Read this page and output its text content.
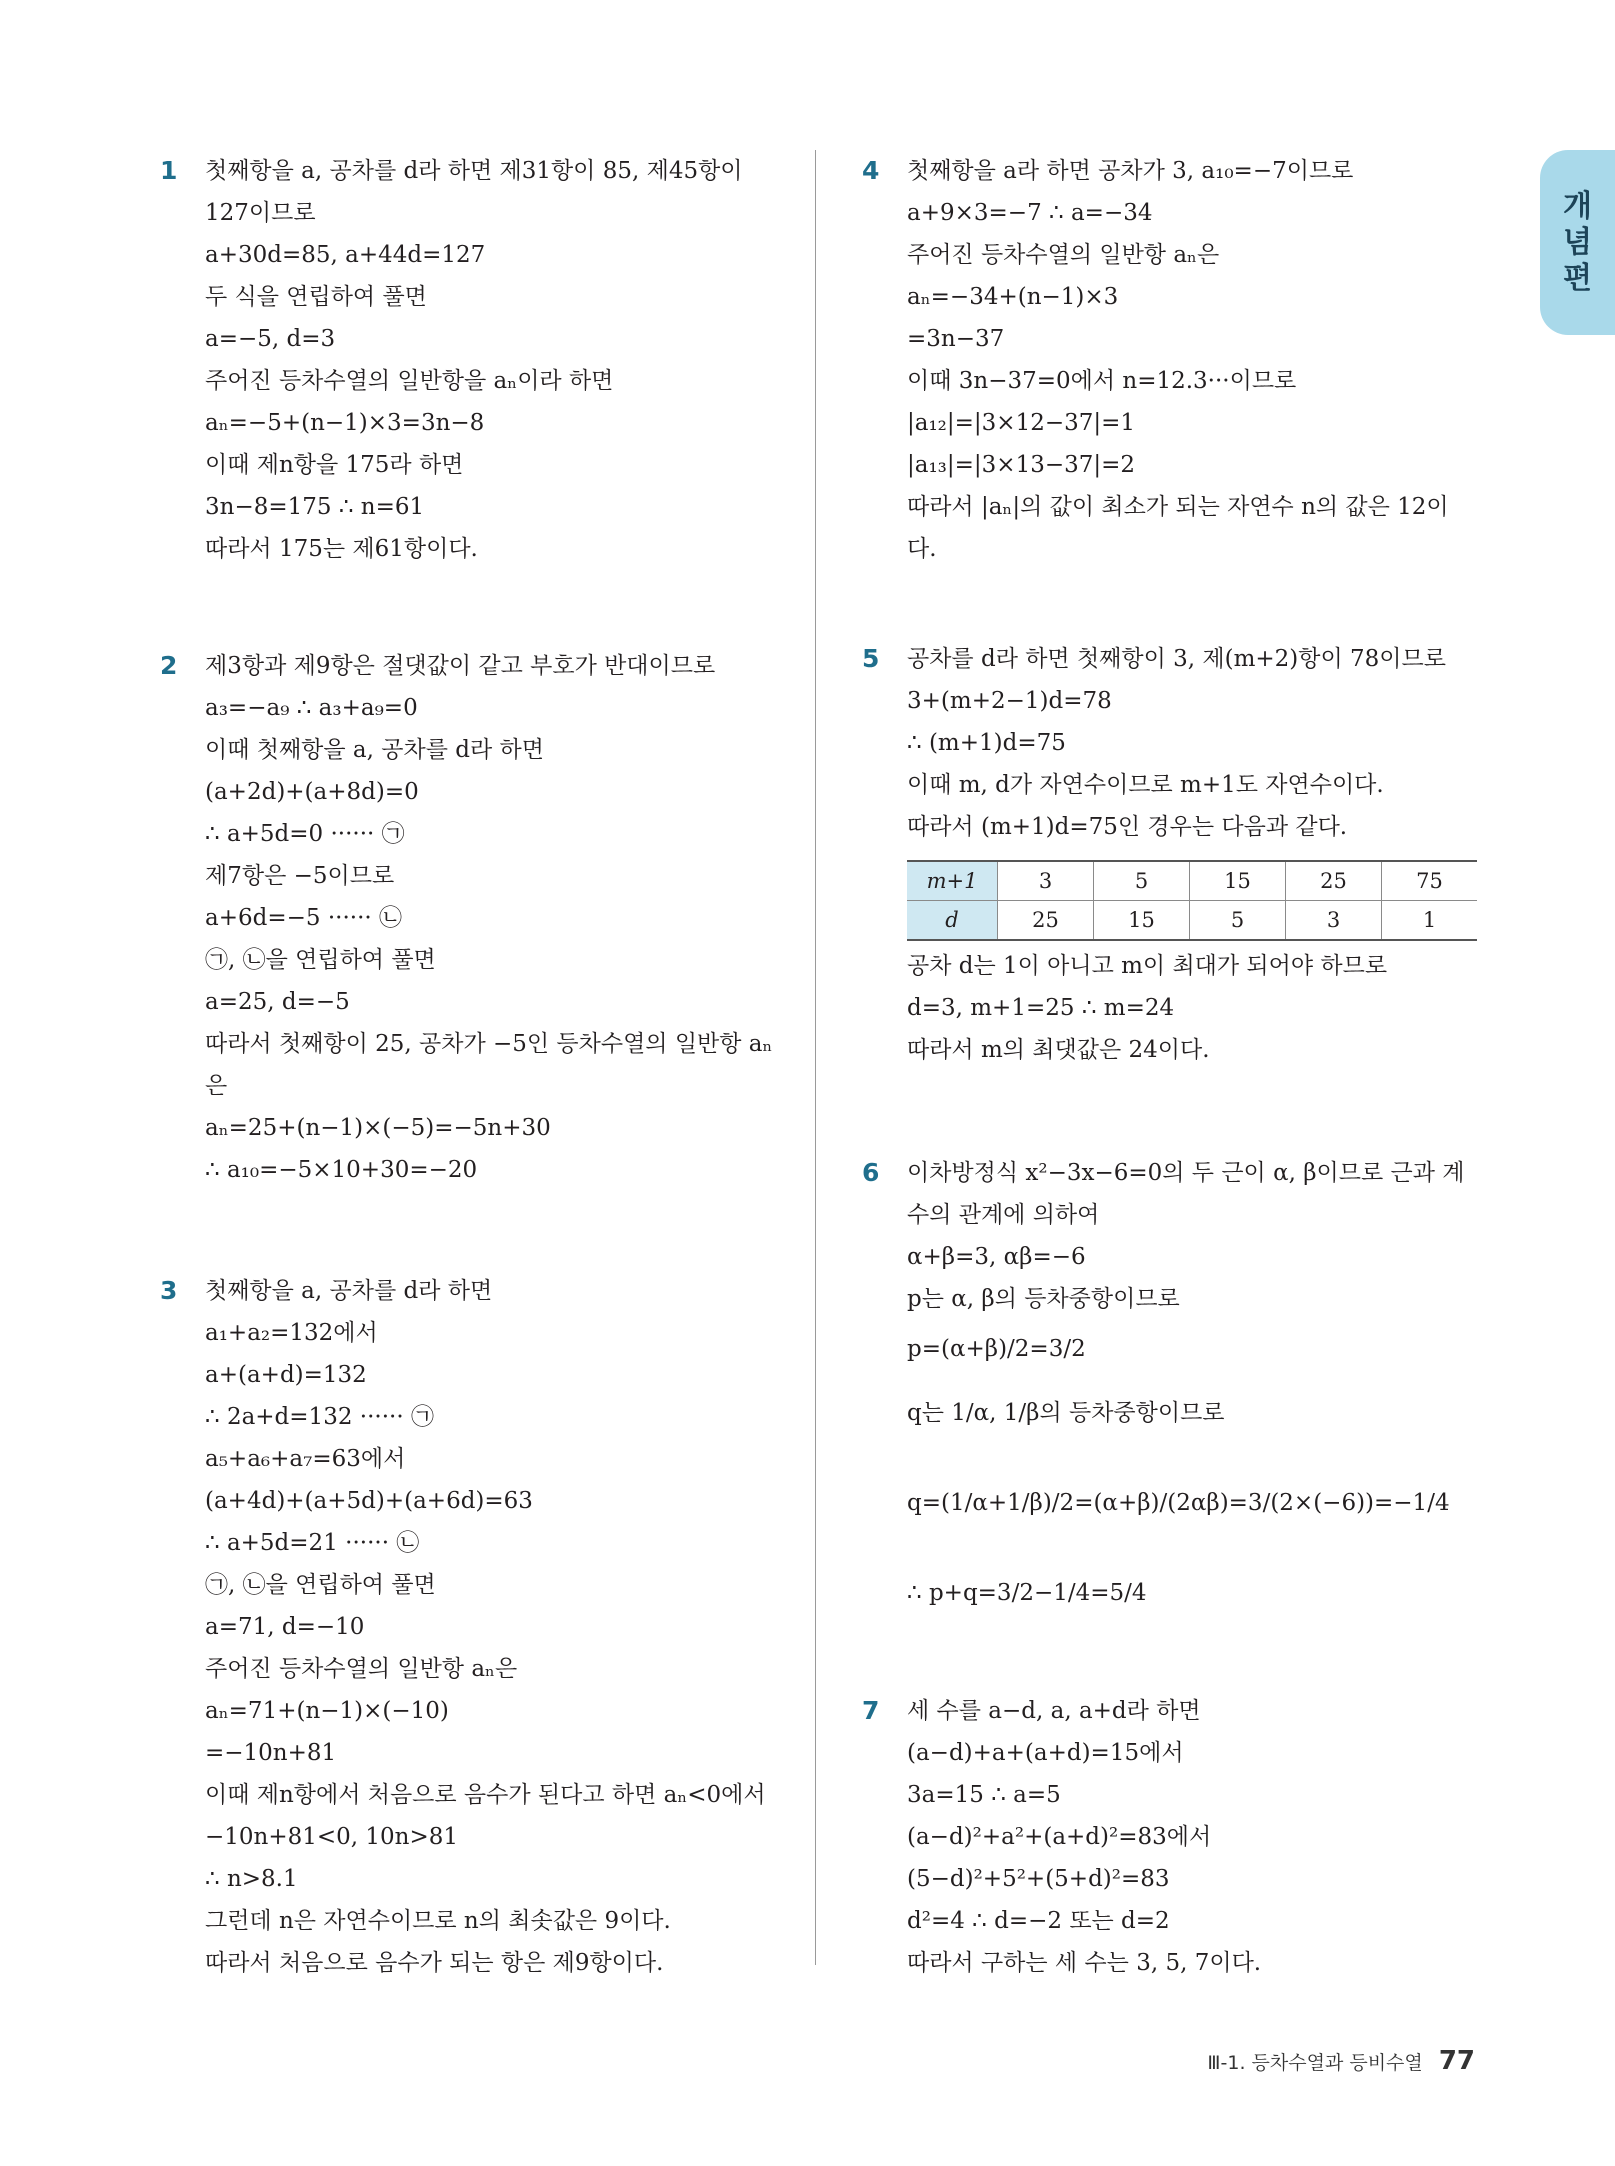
개
념
편
1 첫째항을 a, 공차를 d라 하면 제31항이 85, 제45항이
127이므로
a+30d=85, a+44d=127
두 식을 연립하여 풀면
a=−5, d=3
주어진 등차수열의 일반항을 aₙ이라 하면
aₙ=−5+(n−1)×3=3n−8
이때 제n항을 175라 하면
3n−8=175 ∴ n=61
따라서 175는 제61항이다.
2 제3항과 제9항은 절댓값이 같고 부호가 반대이므로
a₃=−a₉ ∴ a₃+a₉=0
이때 첫째항을 a, 공차를 d라 하면
(a+2d)+(a+8d)=0
∴ a+5d=0 ······ ㉠
제7항은 −5이므로
a+6d=−5 ······ ㉡
㉠, ㉡을 연립하여 풀면
a=25, d=−5
따라서 첫째항이 25, 공차가 −5인 등차수열의 일반항 aₙ
은
aₙ=25+(n−1)×(−5)=−5n+30
∴ a₁₀=−5×10+30=−20
3 첫째항을 a, 공차를 d라 하면
a₁+a₂=132에서
a+(a+d)=132
∴ 2a+d=132 ······ ㉠
a₅+a₆+a₇=63에서
(a+4d)+(a+5d)+(a+6d)=63
∴ a+5d=21 ······ ㉡
㉠, ㉡을 연립하여 풀면
a=71, d=−10
주어진 등차수열의 일반항 aₙ은
aₙ=71+(n−1)×(−10)
=−10n+81
이때 제n항에서 처음으로 음수가 된다고 하면 aₙ<0에서
−10n+81<0, 10n>81
∴ n>8.1
그런데 n은 자연수이므로 n의 최솟값은 9이다.
따라서 처음으로 음수가 되는 항은 제9항이다.
4 첫째항을 a라 하면 공차가 3, a₁₀=−7이므로
a+9×3=−7 ∴ a=−34
주어진 등차수열의 일반항 aₙ은
aₙ=−34+(n−1)×3
=3n−37
이때 3n−37=0에서 n=12.3···이므로
|a₁₂|=|3×12−37|=1
|a₁₃|=|3×13−37|=2
따라서 |aₙ|의 값이 최소가 되는 자연수 n의 값은 12이
다.
5 공차를 d라 하면 첫째항이 3, 제(m+2)항이 78이므로
3+(m+2−1)d=78
∴ (m+1)d=75
이때 m, d가 자연수이므로 m+1도 자연수이다.
따라서 (m+1)d=75인 경우는 다음과 같다.
m+1	3	5	15	25	75
d	25	15	5	3	1
공차 d는 1이 아니고 m이 최대가 되어야 하므로
d=3, m+1=25 ∴ m=24
따라서 m의 최댓값은 24이다.
6 이차방정식 x²−3x−6=0의 두 근이 α, β이므로 근과 계
수의 관계에 의하여
α+β=3, αβ=−6
p는 α, β의 등차중항이므로
p=(α+β)/2=3/2
q는 1/α, 1/β의 등차중항이므로
q=(1/α+1/β)/2=(α+β)/(2αβ)=3/(2×(−6))=−1/4
∴ p+q=3/2−1/4=5/4
7 세 수를 a−d, a, a+d라 하면
(a−d)+a+(a+d)=15에서
3a=15 ∴ a=5
(a−d)²+a²+(a+d)²=83에서
(5−d)²+5²+(5+d)²=83
d²=4 ∴ d=−2 또는 d=2
따라서 구하는 세 수는 3, 5, 7이다.
Ⅲ-1. 등차수열과 등비수열 77
